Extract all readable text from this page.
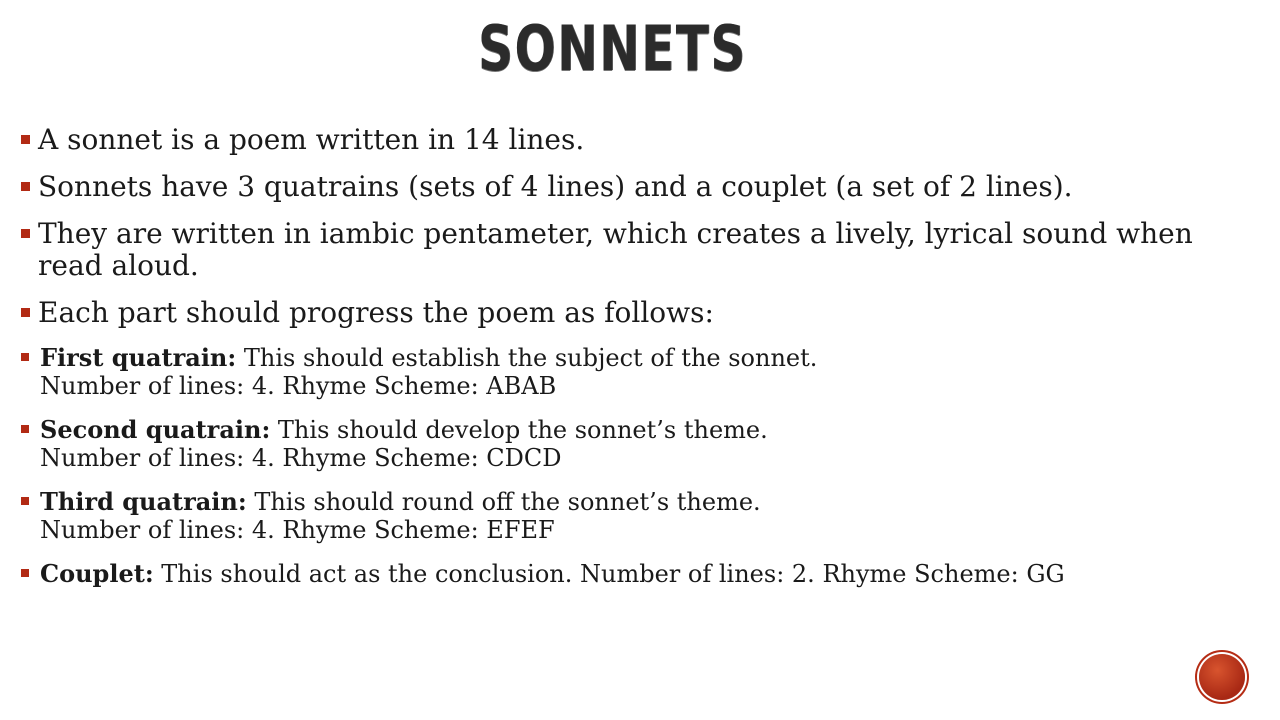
SONNETS
A sonnet is a poem written in 14 lines.
Sonnets have 3 quatrains (sets of 4 lines) and a couplet (a set of 2 lines).
They are written in iambic pentameter, which creates a lively, lyrical sound when read aloud.
Each part should progress the poem as follows:
First quatrain: This should establish the subject of the sonnet.
Number of lines: 4. Rhyme Scheme: ABAB
Second quatrain: This should develop the sonnet’s theme.
Number of lines: 4. Rhyme Scheme: CDCD
Third quatrain: This should round off the sonnet’s theme.
Number of lines: 4. Rhyme Scheme: EFEF
Couplet: This should act as the conclusion. Number of lines: 2. Rhyme Scheme: GG
